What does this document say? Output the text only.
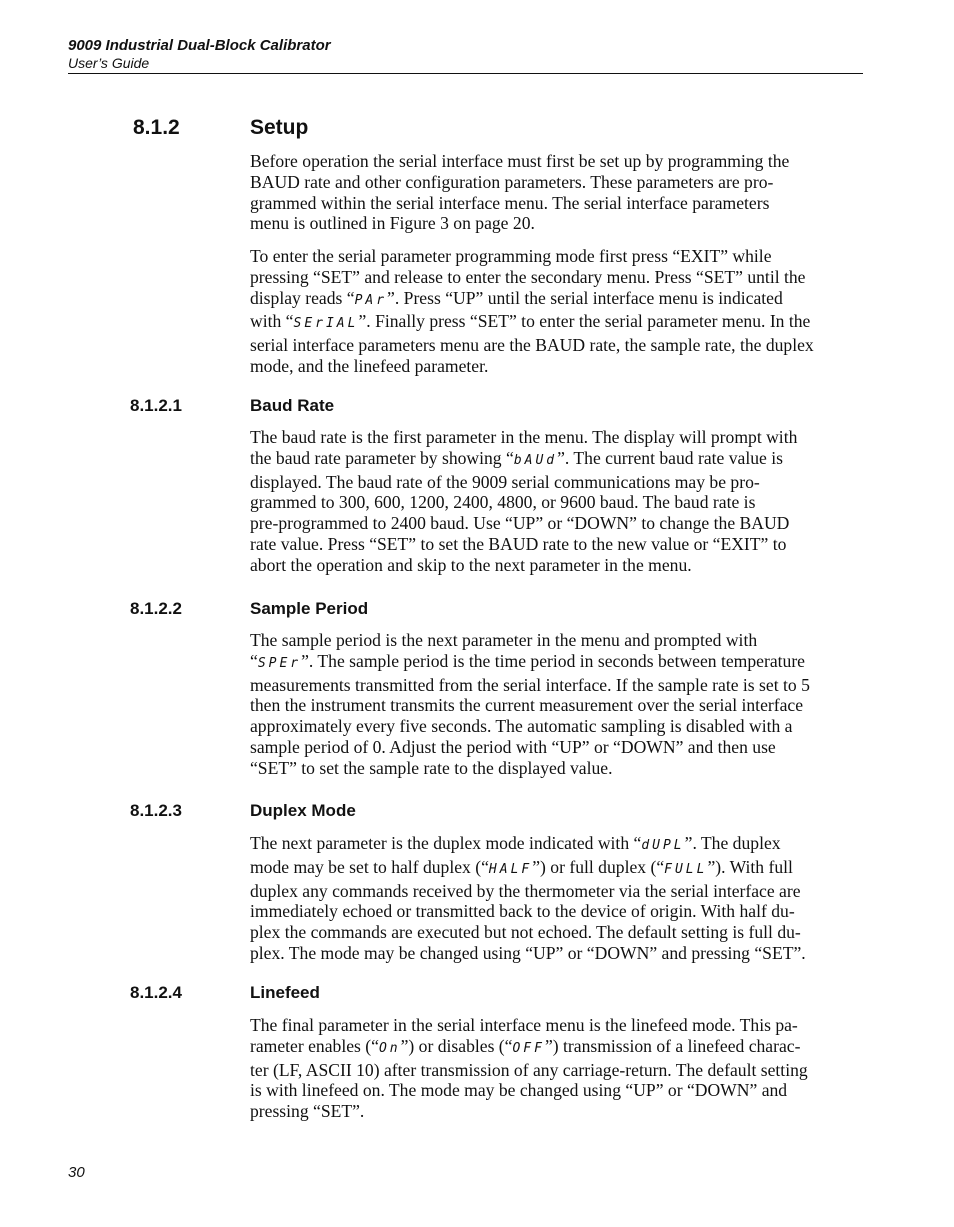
9009 Industrial Dual-Block Calibrator
User’s Guide
8.1.2	Setup
Before operation the serial interface must first be set up by programming the
BAUD rate and other configuration parameters. These parameters are pro-
grammed within the serial interface menu. The serial interface parameters
menu is outlined in Figure 3 on page 20.
To enter the serial parameter programming mode first press “EXIT” while
pressing “SET” and release to enter the secondary menu. Press “SET” until the
display reads “PAr”. Press “UP” until the serial interface menu is indicated
with “SErIAL”. Finally press “SET” to enter the serial parameter menu. In the
serial interface parameters menu are the BAUD rate, the sample rate, the duplex
mode, and the linefeed parameter.
8.1.2.1	Baud Rate
The baud rate is the first parameter in the menu. The display will prompt with
the baud rate parameter by showing “bAUd”. The current baud rate value is
displayed. The baud rate of the 9009 serial communications may be pro-
grammed to 300, 600, 1200, 2400, 4800, or 9600 baud. The baud rate is
pre-programmed to 2400 baud. Use “UP” or “DOWN” to change the BAUD
rate value. Press “SET” to set the BAUD rate to the new value or “EXIT” to
abort the operation and skip to the next parameter in the menu.
8.1.2.2	Sample Period
The sample period is the next parameter in the menu and prompted with
“SPEr”. The sample period is the time period in seconds between temperature
measurements transmitted from the serial interface. If the sample rate is set to 5
then the instrument transmits the current measurement over the serial interface
approximately every five seconds. The automatic sampling is disabled with a
sample period of 0. Adjust the period with “UP” or “DOWN” and then use
“SET” to set the sample rate to the displayed value.
8.1.2.3	Duplex Mode
The next parameter is the duplex mode indicated with “dUPL”. The duplex
mode may be set to half duplex (“HALF”) or full duplex (“FULL”). With full
duplex any commands received by the thermometer via the serial interface are
immediately echoed or transmitted back to the device of origin. With half du-
plex the commands are executed but not echoed. The default setting is full du-
plex. The mode may be changed using “UP” or “DOWN” and pressing “SET”.
8.1.2.4	Linefeed
The final parameter in the serial interface menu is the linefeed mode. This pa-
rameter enables (“On”) or disables (“OFF”) transmission of a linefeed charac-
ter (LF, ASCII 10) after transmission of any carriage-return. The default setting
is with linefeed on. The mode may be changed using “UP” or “DOWN” and
pressing “SET”.
30
